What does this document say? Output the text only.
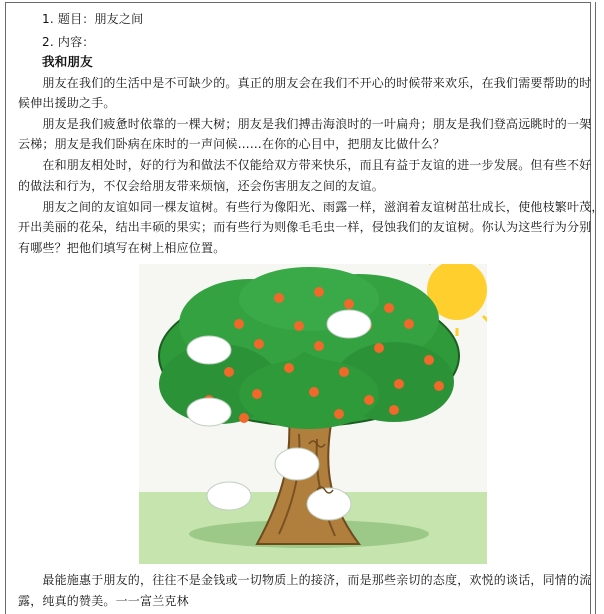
1. 题目：朋友之间
2. 内容：
我和朋友
　　朋友在我们的生活中是不可缺少的。真正的朋友会在我们不开心的时候带来欢乐，在我们需要帮助的时
候伸出援助之手。
　　朋友是我们疲惫时依靠的一棵大树；朋友是我们搏击海浪时的一叶扁舟；朋友是我们登高远眺时的一架
云梯；朋友是我们卧病在床时的一声问候……在你的心目中，把朋友比做什么？
　　在和朋友相处时，好的行为和做法不仅能给双方带来快乐，而且有益于友谊的进一步发展。但有些不好
的做法和行为，不仅会给朋友带来烦恼，还会伤害朋友之间的友谊。
　　朋友之间的友谊如同一棵友谊树。有些行为像阳光、雨露一样，滋润着友谊树茁壮成长，使他枝繁叶茂，
开出美丽的花朵，结出丰硕的果实；而有些行为则像毛毛虫一样，侵蚀我们的友谊树。你认为这些行为分别
有哪些？把他们填写在树上相应位置。
　　最能施惠于朋友的，往往不是金钱或一切物质上的接济，而是那些亲切的态度，欢悦的谈话，同情的流
露，纯真的赞美。一一富兰克林
